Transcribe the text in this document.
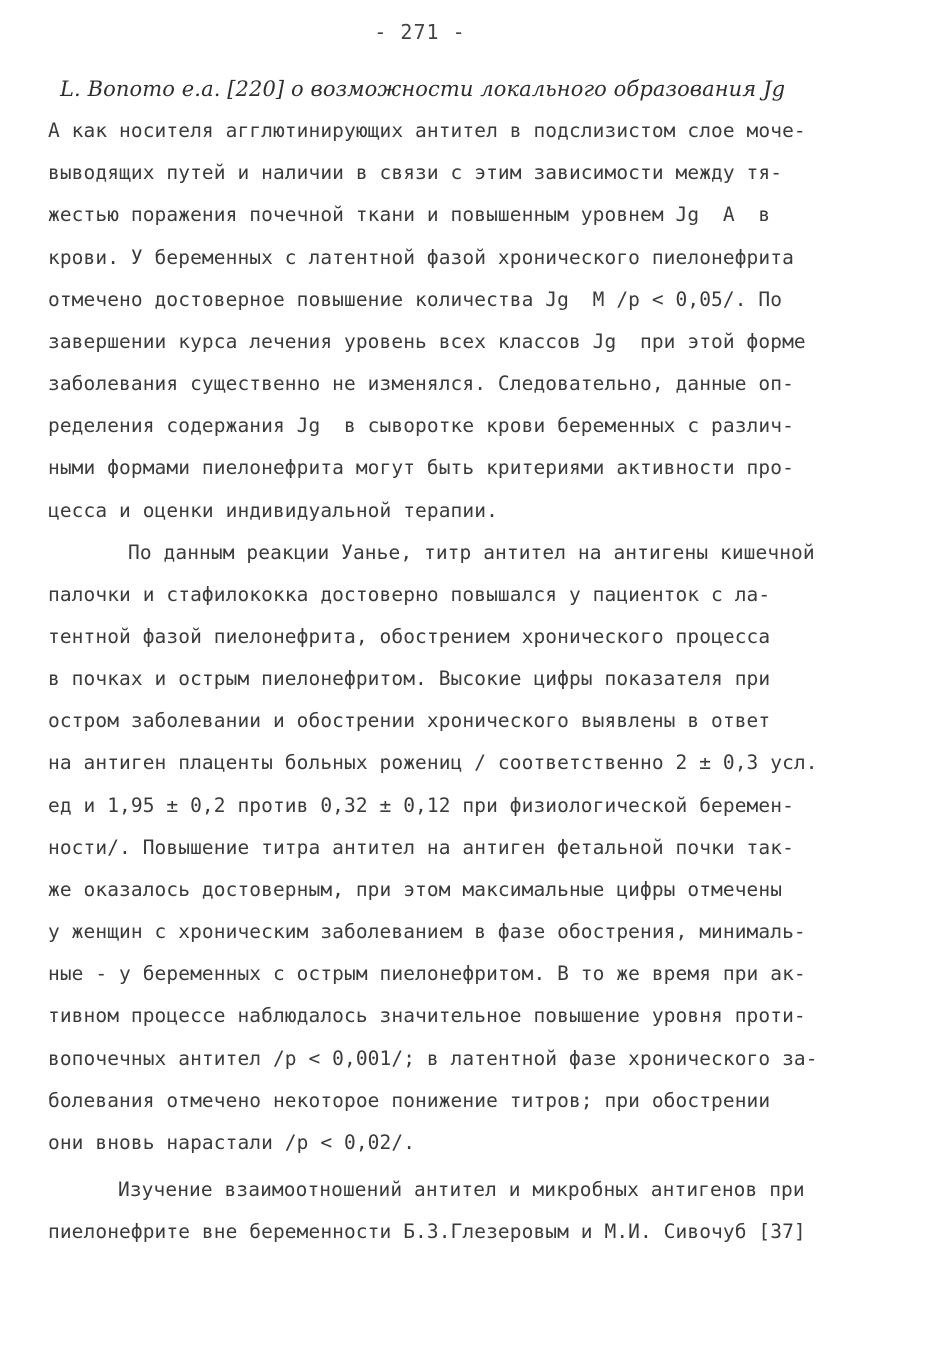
- 271 -
L. Вопото е.а. [220] о возможности локального образования Jg
А как носителя агглютинирующих антител в подслизистом слое моче-
выводящих путей и наличии в связи с этим зависимости между тя-
жестью поражения почечной ткани и повышенным уровнем Jg  А  в
крови. У беременных с латентной фазой хронического пиелонефрита
отмечено достоверное повышение количества Jg  М /р < 0,05/. По
завершении курса лечения уровень всех классов Jg  при этой форме
заболевания существенно не изменялся. Следовательно, данные оп-
ределения содержания Jg  в сыворотке крови беременных с различ-
ными формами пиелонефрита могут быть критериями активности про-
цесса и оценки индивидуальной терапии.
По данным реакции Уанье, титр антител на антигены кишечной
палочки и стафилококка достоверно повышался у пациенток с ла-
тентной фазой пиелонефрита, обострением хронического процесса
в почках и острым пиелонефритом. Высокие цифры показателя при
остром заболевании и обострении хронического выявлены в ответ
на антиген плаценты больных рожениц / соответственно 2 ± 0,3 усл.
ед и 1,95 ± 0,2 против 0,32 ± 0,12 при физиологической беремен-
ности/. Повышение титра антител на антиген фетальной почки так-
же оказалось достоверным, при этом максимальные цифры отмечены
у женщин с хроническим заболеванием в фазе обострения, минималь-
ные - у беременных с острым пиелонефритом. В то же время при ак-
тивном процессе наблюдалось значительное повышение уровня проти-
вопочечных антител /р < 0,001/; в латентной фазе хронического за-
болевания отмечено некоторое понижение титров; при обострении
они вновь нарастали /р < 0,02/.
Изучение взаимоотношений антител и микробных антигенов при
пиелонефрите вне беременности Б.З.Глезеровым и М.И. Сивочуб [37]
